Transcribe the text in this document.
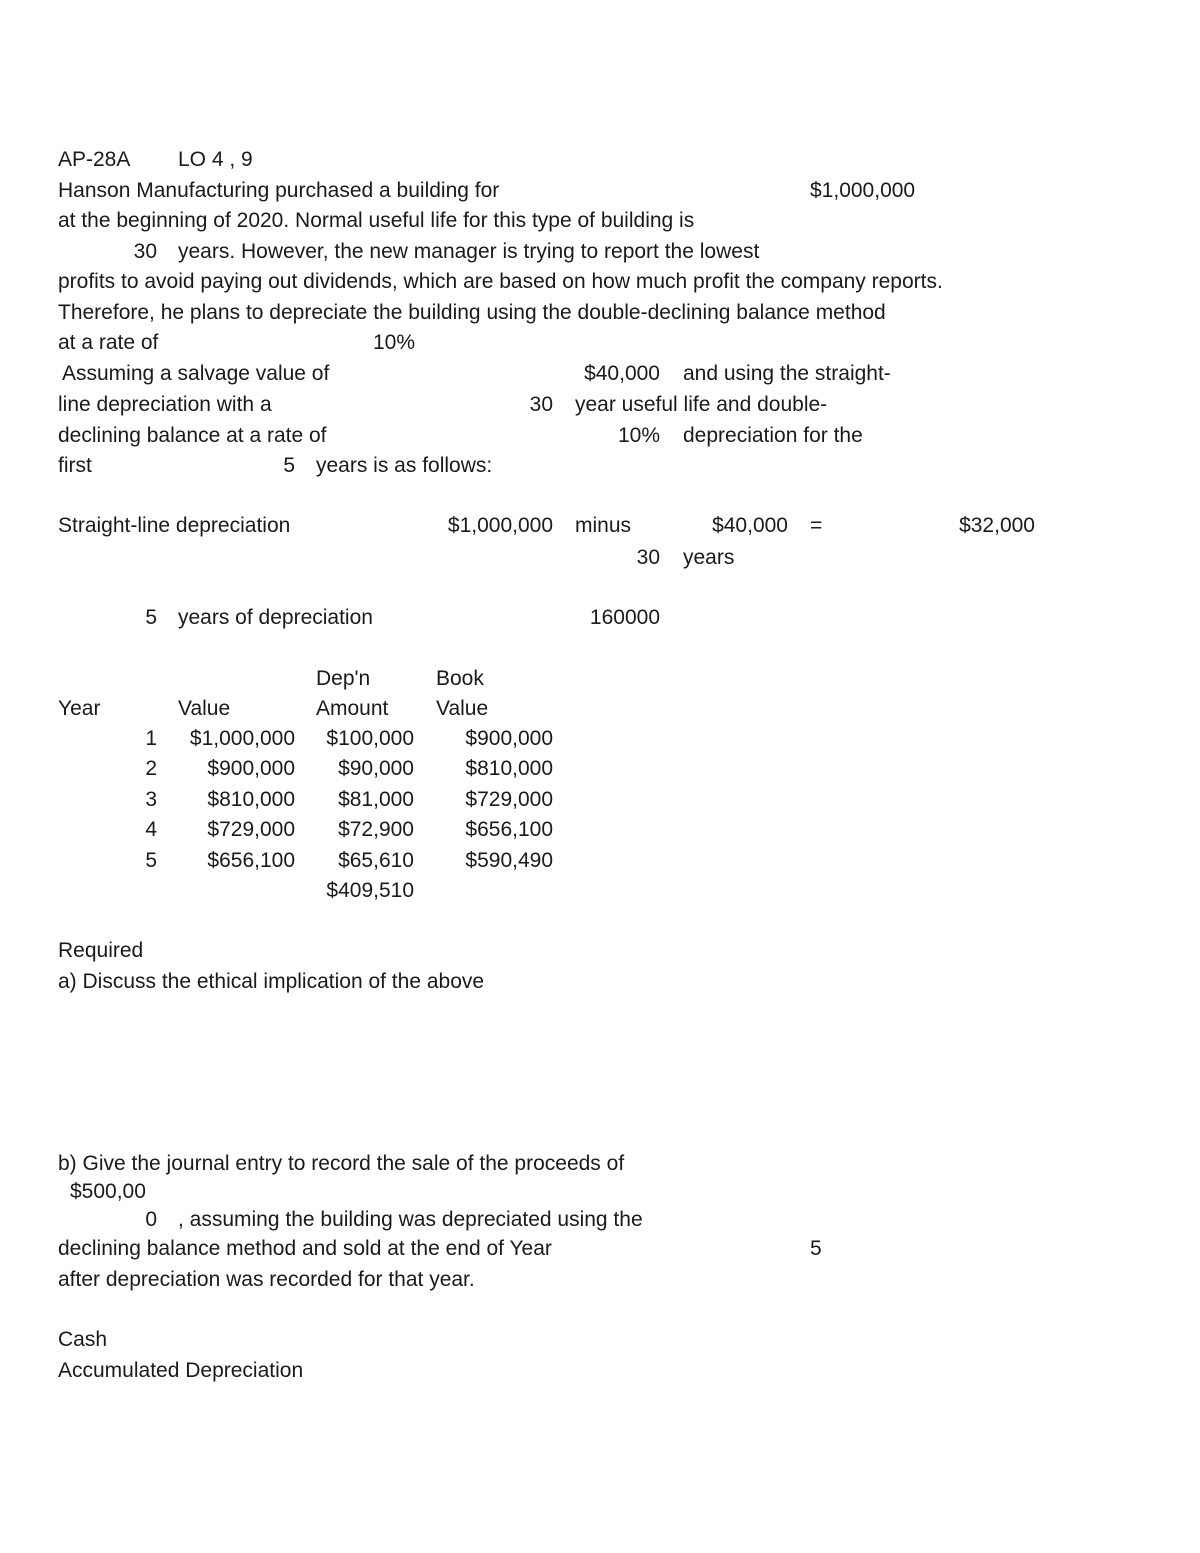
AP-28A LO 4 , 9
Hanson Manufacturing purchased a building for	$1,000,000
at the beginning of 2020. Normal useful life for this type of building is
30 years. However, the new manager is trying to report the lowest
profits to avoid paying out dividends, which are based on how much profit the company reports.
Therefore, he plans to depreciate the building using the double-declining balance method
at a rate of	10%
Assuming a salvage value of	$40,000 and using the straight-
line depreciation with a	30 year useful life and double-
declining balance at a rate of	10% depreciation for the
first	5 years is as follows:
Straight-line depreciation	$1,000,000 minus	$40,000 =	$32,000
30 years
5 years of depreciation	160000
Dep'n	Book
Year	Value	Amount Value
1 $1,000,000 $100,000 $900,000
2 $900,000 $90,000 $810,000
3 $810,000 $81,000 $729,000
4 $729,000 $72,900 $656,100
5 $656,100 $65,610 $590,490
$409,510
Required
a) Discuss the ethical implication of the above
b) Give the journal entry to record the sale of the proceeds of
$500,00
0 , assuming the building was depreciated using the
declining balance method and sold at the end of Year	5
after depreciation was recorded for that year.
Cash
Accumulated Depreciation
